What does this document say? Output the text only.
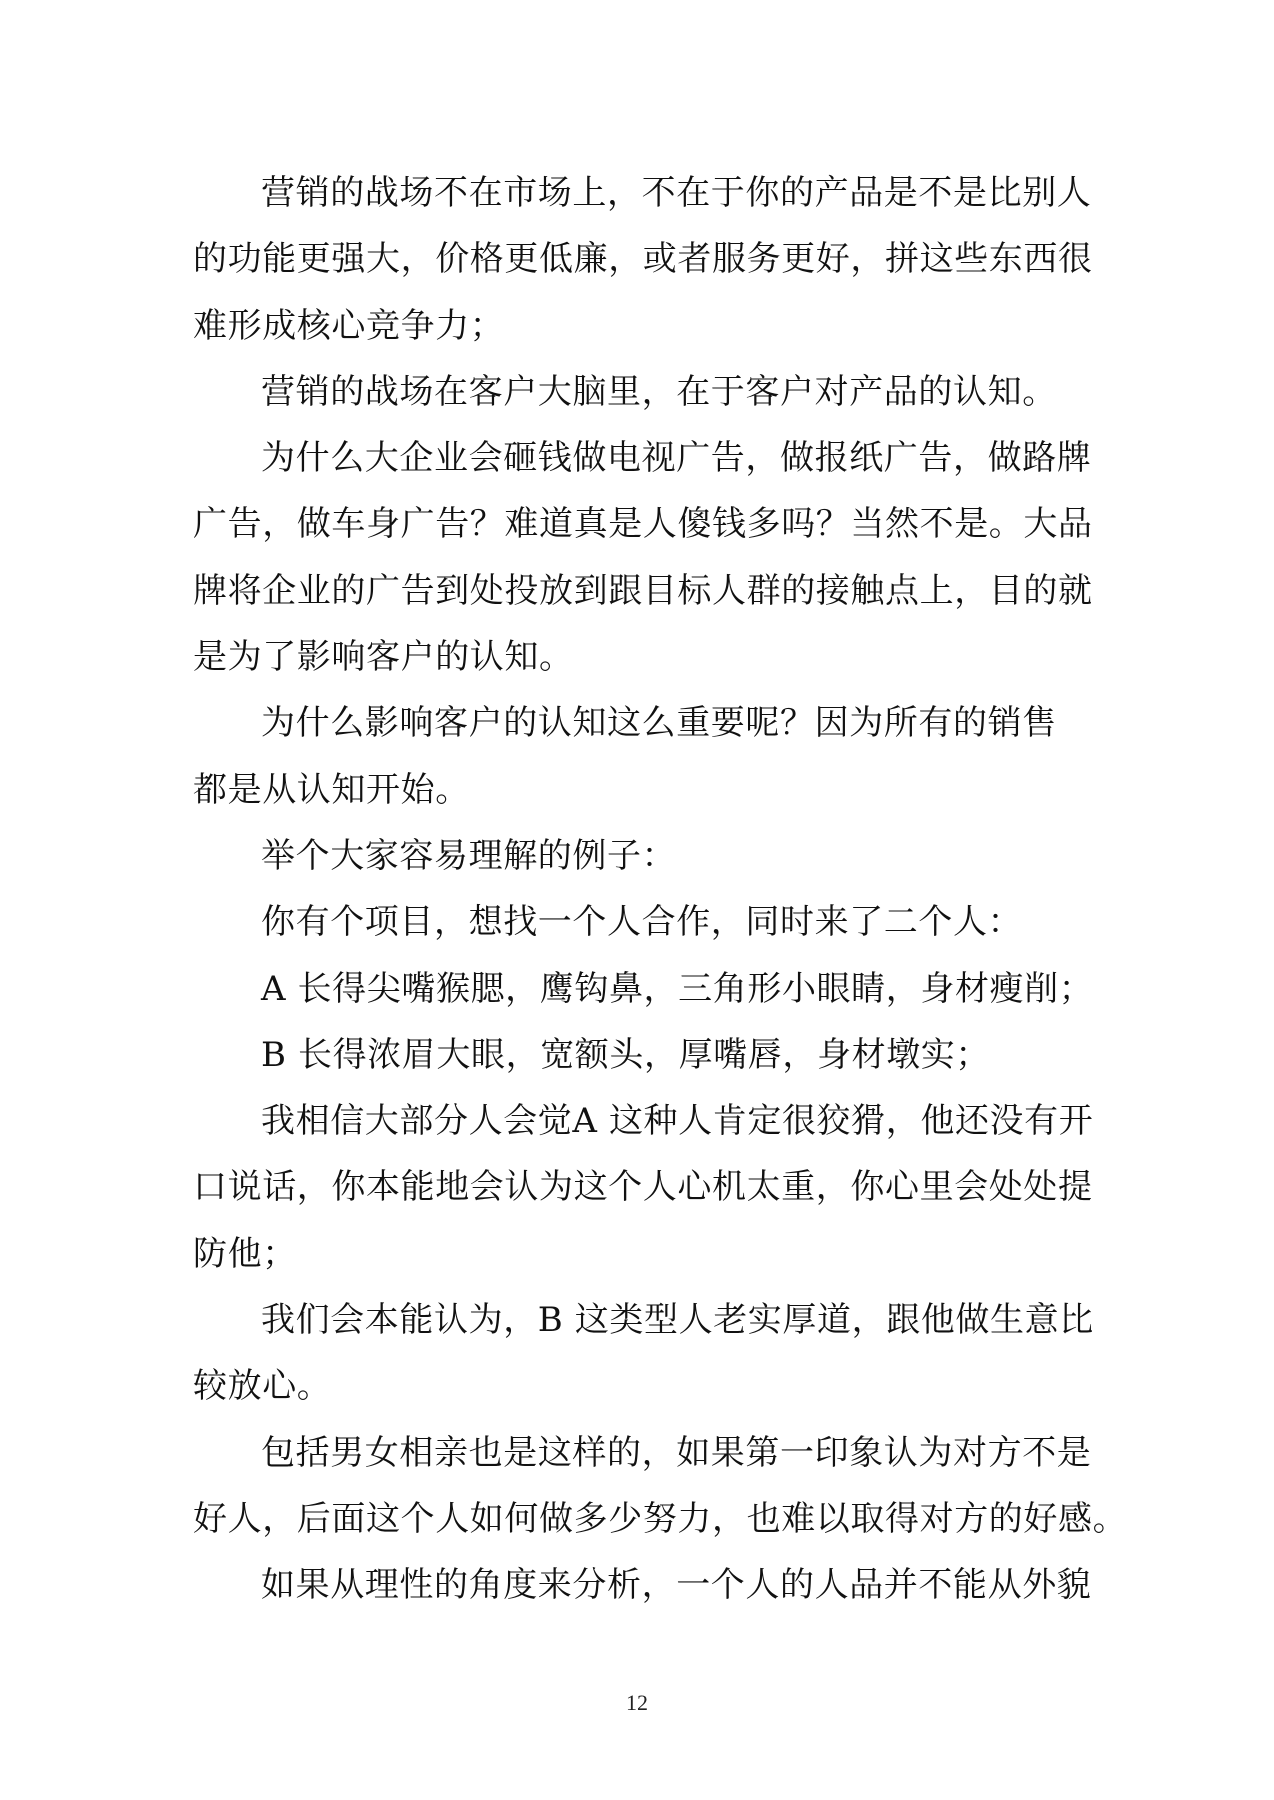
营销的战场不在市场上，不在于你的产品是不是比别人
的功能更强大，价格更低廉，或者服务更好，拼这些东西很
难形成核心竞争力；
营销的战场在客户大脑里，在于客户对产品的认知。
为什么大企业会砸钱做电视广告，做报纸广告，做路牌
广告，做车身广告？难道真是人傻钱多吗？当然不是。大品
牌将企业的广告到处投放到跟目标人群的接触点上，目的就
是为了影响客户的认知。
为什么影响客户的认知这么重要呢？因为所有的销售
都是从认知开始。
举个大家容易理解的例子：
你有个项目，想找一个人合作，同时来了二个人：
A 长得尖嘴猴腮，鹰钩鼻，三角形小眼睛，身材瘦削；
B 长得浓眉大眼，宽额头，厚嘴唇，身材墩实；
我相信大部分人会觉A 这种人肯定很狡猾，他还没有开
口说话，你本能地会认为这个人心机太重，你心里会处处提
防他；
我们会本能认为，B 这类型人老实厚道，跟他做生意比
较放心。
包括男女相亲也是这样的，如果第一印象认为对方不是
好人，后面这个人如何做多少努力，也难以取得对方的好感。
如果从理性的角度来分析，一个人的人品并不能从外貌
12
